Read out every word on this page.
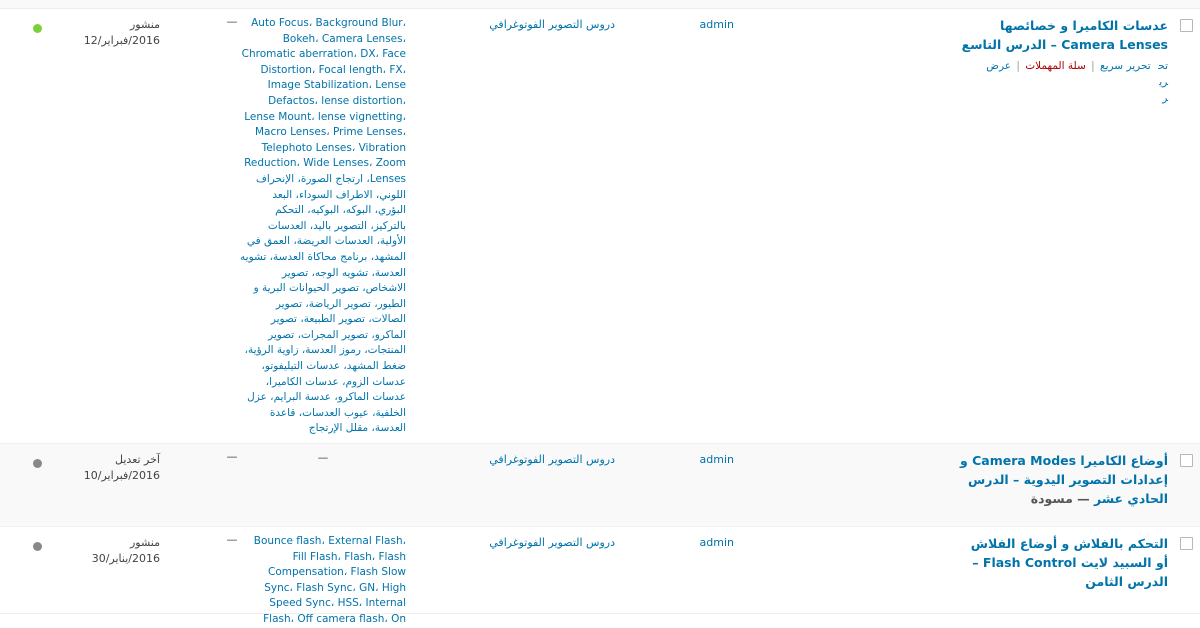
عدسات الكاميرا و خصائصها Camera Lenses – الدرس التاسع
تحرير تحرير سريع | سلة المهملات | عرض
admin
دروس التصوير الفوتوغرافي
Auto Focus، Background Blur، Bokeh، Camera Lenses، Chromatic aberration، DX، Face Distortion، Focal length، FX، Image Stabilization، Lense Defactos، lense distortion، Lense Mount، lense vignetting، Macro Lenses، Prime Lenses، Telephoto Lenses، Vibration Reduction، Wide Lenses، Zoom Lenses، ارتجاج الصورة، الإنحراف اللوني، الاطراف السوداء، البعد البؤري، البوكه، البوكيه، التحكم بالتركيز، التصوير باليد، العدسات الأولية، العدسات العريضة، العمق في المشهد، برنامج محاكاة العدسة، تشويه العدسة، تشويه الوجه، تصوير الاشخاص، تصوير الحيوانات البرية و الطيور، تصوير الرياضة، تصوير الصالات، تصوير الطبيعة، تصوير الماكرو، تصوير المجرات، تصوير المنتجات، رموز العدسة، زاوية الرؤية، ضغط المشهد، عدسات التيليفوتو، عدسات الزوم، عدسات الكاميرا، عدسات الماكرو، عدسة البرايم، عزل الخلفية، عيوب العدسات، قاعدة العدسة، مقلل الإرتجاج
—
منشور
2016/فبراير/12
أوضاع الكاميرا Camera Modes و إعدادات التصوير اليدوية – الدرس الحادي عشر — مسودة
admin
دروس التصوير الفوتوغرافي
—
—
آخر تعديل
2016/فبراير/10
التحكم بالفلاش و أوضاع الفلاش أو السبيد لايت Flash Control – الدرس الثامن
admin
دروس التصوير الفوتوغرافي
Bounce flash، External Flash، Fill Flash، Flash، Flash Compensation، Flash Slow Sync، Flash Sync، GN، High Speed Sync، HSS، Internal Flash، Off camera flash، On
—
منشور
2016/يناير/30
